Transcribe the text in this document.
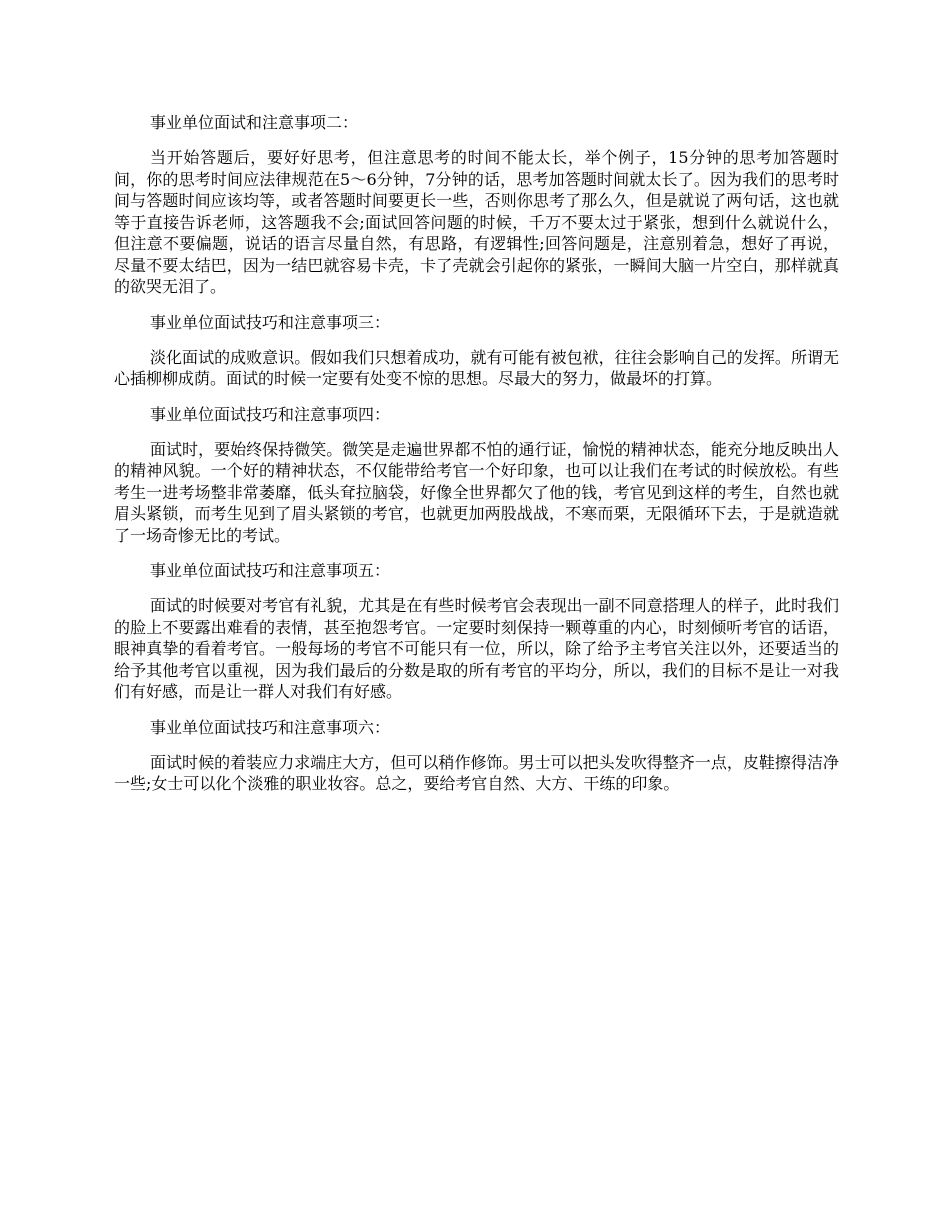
事业单位面试和注意事项二：
当开始答题后，要好好思考，但注意思考的时间不能太长，举个例子，15分钟的思考加答题时间，你的思考时间应法律规范在5～6分钟，7分钟的话，思考加答题时间就太长了。因为我们的思考时间与答题时间应该均等，或者答题时间要更长一些，否则你思考了那么久，但是就说了两句话，这也就等于直接告诉老师，这答题我不会;面试回答问题的时候，千万不要太过于紧张，想到什么就说什么，但注意不要偏题，说话的语言尽量自然，有思路，有逻辑性;回答问题是，注意别着急，想好了再说，尽量不要太结巴，因为一结巴就容易卡壳，卡了壳就会引起你的紧张，一瞬间大脑一片空白，那样就真的欲哭无泪了。
事业单位面试技巧和注意事项三：
淡化面试的成败意识。假如我们只想着成功，就有可能有被包袱，往往会影响自己的发挥。所谓无心插柳柳成荫。面试的时候一定要有处变不惊的思想。尽最大的努力，做最坏的打算。
事业单位面试技巧和注意事项四：
面试时，要始终保持微笑。微笑是走遍世界都不怕的通行证，愉悦的精神状态，能充分地反映出人的精神风貌。一个好的精神状态，不仅能带给考官一个好印象，也可以让我们在考试的时候放松。有些考生一进考场整非常萎靡，低头耷拉脑袋，好像全世界都欠了他的钱，考官见到这样的考生，自然也就眉头紧锁，而考生见到了眉头紧锁的考官，也就更加两股战战，不寒而栗，无限循环下去，于是就造就了一场奇惨无比的考试。
事业单位面试技巧和注意事项五：
面试的时候要对考官有礼貌，尤其是在有些时候考官会表现出一副不同意搭理人的样子，此时我们的脸上不要露出难看的表情，甚至抱怨考官。一定要时刻保持一颗尊重的内心，时刻倾听考官的话语，眼神真挚的看着考官。一般每场的考官不可能只有一位，所以，除了给予主考官关注以外，还要适当的给予其他考官以重视，因为我们最后的分数是取的所有考官的平均分，所以，我们的目标不是让一对我们有好感，而是让一群人对我们有好感。
事业单位面试技巧和注意事项六：
面试时候的着装应力求端庄大方，但可以稍作修饰。男士可以把头发吹得整齐一点，皮鞋擦得洁净一些;女士可以化个淡雅的职业妆容。总之，要给考官自然、大方、干练的印象。
